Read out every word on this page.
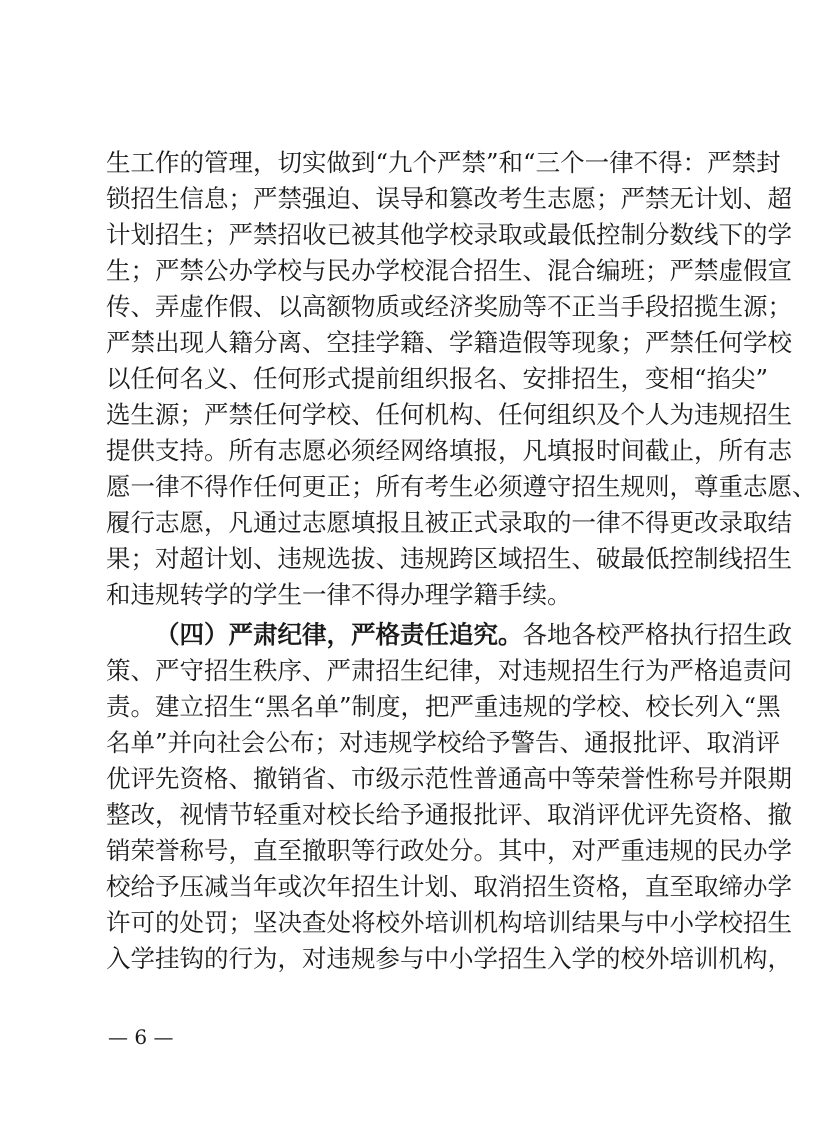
生工作的管理，切实做到“九个严禁”和“三个一律不得：严禁封
锁招生信息；严禁强迫、误导和篡改考生志愿；严禁无计划、超
计划招生；严禁招收已被其他学校录取或最低控制分数线下的学
生；严禁公办学校与民办学校混合招生、混合编班；严禁虚假宣
传、弄虚作假、以高额物质或经济奖励等不正当手段招揽生源；
严禁出现人籍分离、空挂学籍、学籍造假等现象；严禁任何学校
以任何名义、任何形式提前组织报名、安排招生，变相“掐尖”
选生源；严禁任何学校、任何机构、任何组织及个人为违规招生
提供支持。所有志愿必须经网络填报，凡填报时间截止，所有志
愿一律不得作任何更正；所有考生必须遵守招生规则，尊重志愿、
履行志愿，凡通过志愿填报且被正式录取的一律不得更改录取结
果；对超计划、违规选拔、违规跨区域招生、破最低控制线招生
和违规转学的学生一律不得办理学籍手续。
（四）严肃纪律，严格责任追究。各地各校严格执行招生政
策、严守招生秩序、严肃招生纪律，对违规招生行为严格追责问
责。建立招生“黑名单”制度，把严重违规的学校、校长列入“黑
名单”并向社会公布；对违规学校给予警告、通报批评、取消评
优评先资格、撤销省、市级示范性普通高中等荣誉性称号并限期
整改，视情节轻重对校长给予通报批评、取消评优评先资格、撤
销荣誉称号，直至撤职等行政处分。其中，对严重违规的民办学
校给予压减当年或次年招生计划、取消招生资格，直至取缔办学
许可的处罚；坚决查处将校外培训机构培训结果与中小学校招生
入学挂钩的行为，对违规参与中小学招生入学的校外培训机构，
— 6 —
